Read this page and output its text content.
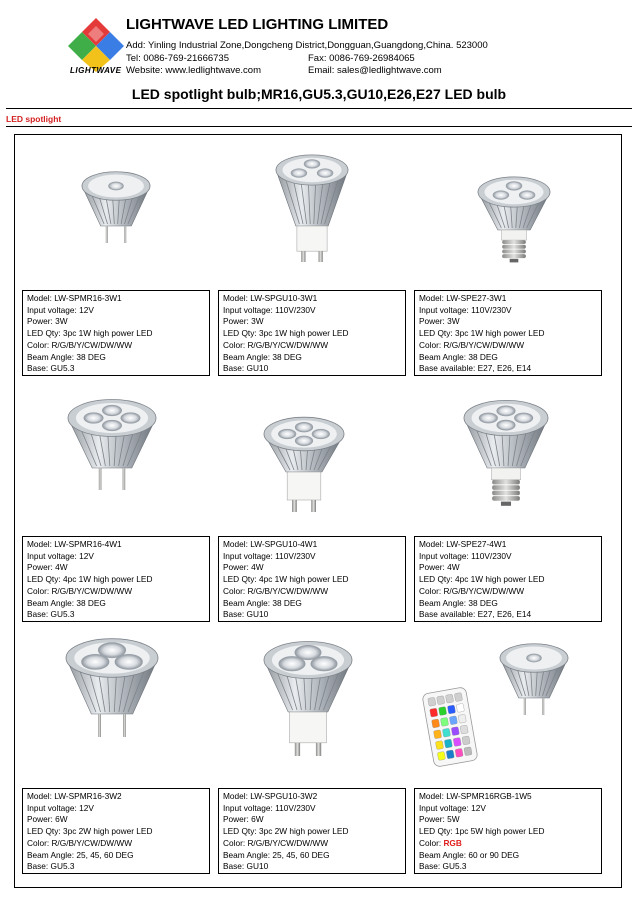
LIGHTWAVE
LIGHTWAVE LED LIGHTING LIMITED
Add: Yinling Industrial Zone,Dongcheng District,Dongguan,Guangdong,China. 523000
Tel: 0086-769-21666735	Fax: 0086-769-26984065
Website: www.ledlightwave.com	Email: sales@ledlightwave.com
LED spotlight bulb;MR16,GU5.3,GU10,E26,E27 LED bulb
LED spotlight
Model: LW-SPMR16-3W1
Input voltage: 12V
Power: 3W
LED Qty: 3pc 1W high power LED
Color: R/G/B/Y/CW/DW/WW
Beam Angle: 38 DEG
Base: GU5.3
Model: LW-SPGU10-3W1
Input voltage: 110V/230V
Power: 3W
LED Qty: 3pc 1W high power LED
Color: R/G/B/Y/CW/DW/WW
Beam Angle: 38 DEG
Base: GU10
Model: LW-SPE27-3W1
Input voltage: 110V/230V
Power: 3W
LED Qty: 3pc 1W high power LED
Color: R/G/B/Y/CW/DW/WW
Beam Angle: 38 DEG
Base available: E27, E26, E14
Model: LW-SPMR16-4W1
Input voltage: 12V
Power: 4W
LED Qty: 4pc 1W high power LED
Color: R/G/B/Y/CW/DW/WW
Beam Angle: 38 DEG
Base: GU5.3
Model: LW-SPGU10-4W1
Input voltage: 110V/230V
Power: 4W
LED Qty: 4pc 1W high power LED
Color: R/G/B/Y/CW/DW/WW
Beam Angle: 38 DEG
Base: GU10
Model: LW-SPE27-4W1
Input voltage: 110V/230V
Power: 4W
LED Qty: 4pc 1W high power LED
Color: R/G/B/Y/CW/DW/WW
Beam Angle: 38 DEG
Base available: E27, E26, E14
Model: LW-SPMR16-3W2
Input voltage: 12V
Power: 6W
LED Qty: 3pc 2W high power LED
Color: R/G/B/Y/CW/DW/WW
Beam Angle: 25, 45, 60 DEG
Base: GU5.3
Model: LW-SPGU10-3W2
Input voltage: 110V/230V
Power: 6W
LED Qty: 3pc 2W high power LED
Color: R/G/B/Y/CW/DW/WW
Beam Angle: 25, 45, 60 DEG
Base: GU10
Model: LW-SPMR16RGB-1W5
Input voltage: 12V
Power: 5W
LED Qty: 1pc 5W high power LED
Color: RGB
Beam Angle: 60 or 90 DEG
Base: GU5.3
